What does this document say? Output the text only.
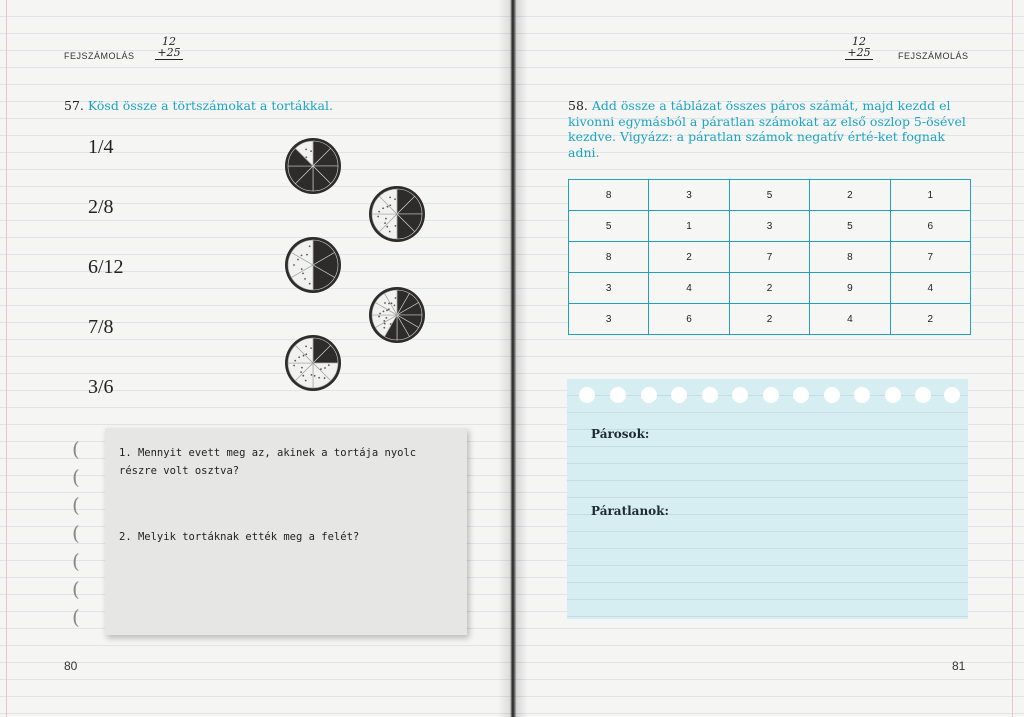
FEJSZÁMOLÁS
12
+25
57. Kösd össze a törtszámokat a tortákkal.
1/4
2/8
6/12
7/8
3/6
(
(
(
(
(
(
(
1. Mennyit evett meg az, akinek a tortája nyolc részre volt osztva?
2. Melyik tortáknak ették meg a felét?
80
12
+25	FEJSZÁMOLÁS
58. Add össze a táblázat összes páros számát, majd kezdd el kivonni egymásból a páratlan számokat az első oszlop 5-ösével kezdve. Vigyázz: a páratlan számok negatív érté-ket fognak adni.
8	3	5	2	1
5	1	3	5	6
8	2	7	8	7
3	4	2	9	4
3	6	2	4	2
Párosok:
Páratlanok:
81
